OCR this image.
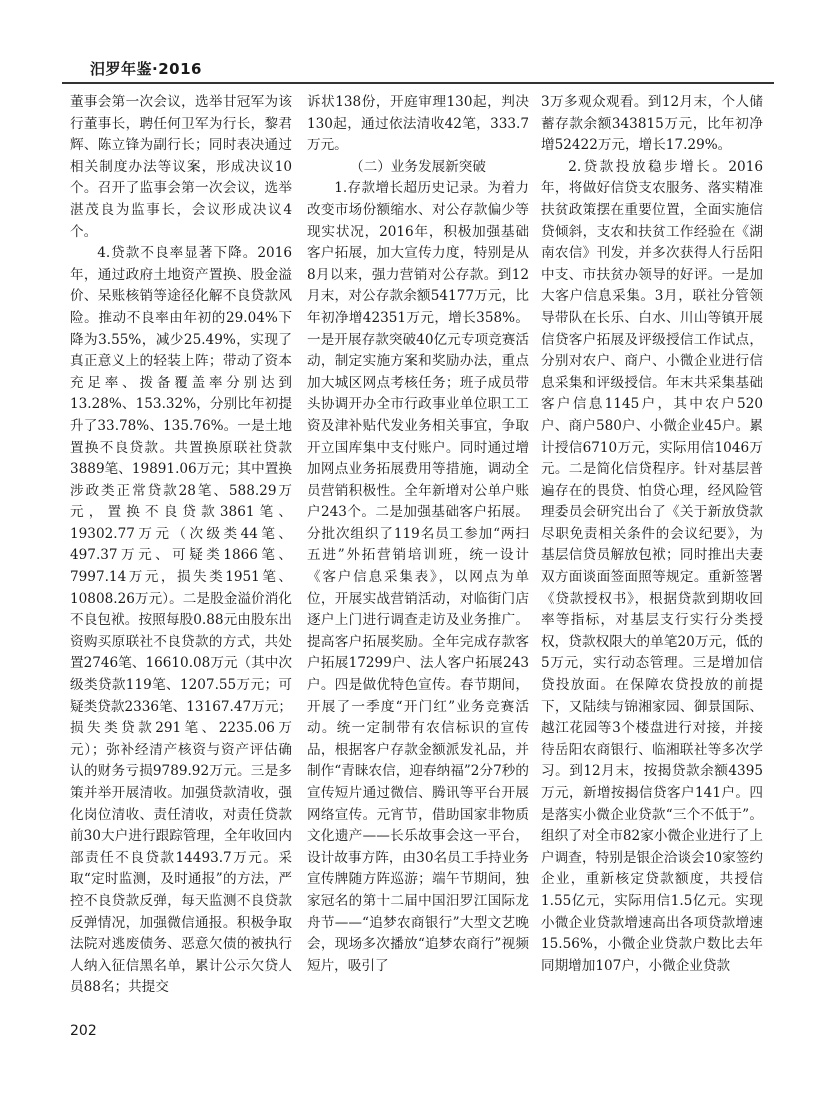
汨罗年鉴·2016

董事会第一次会议，选举甘冠军为该行董事长，聘任何卫军为行长，黎君辉、陈立锋为副行长；同时表决通过相关制度办法等议案，形成决议10个。召开了监事会第一次会议，选举湛茂良为监事长，会议形成决议4个。

4.贷款不良率显著下降。2016年，通过政府土地资产置换、股金溢价、呆账核销等途径化解不良贷款风险。推动不良率由年初的29.04%下降为3.55%，减少25.49%，实现了真正意义上的轻装上阵；带动了资本充足率、拨备覆盖率分别达到13.28%、153.32%，分别比年初提升了33.78%、135.76%。一是土地置换不良贷款。共置换原联社贷款3889笔、19891.06万元；其中置换涉政类正常贷款28笔、588.29万元，置换不良贷款3861笔、19302.77万元（次级类44笔、497.37万元、可疑类1866笔、7997.14万元，损失类1951笔、10808.26万元）。二是股金溢价消化不良包袱。按照每股0.88元由股东出资购买原联社不良贷款的方式，共处置2746笔、16610.08万元（其中次级类贷款119笔、1207.55万元；可疑类贷款2336笔、13167.47万元；损失类贷款291笔、2235.06万元）；弥补经清产核资与资产评估确认的财务亏损9789.92万元。三是多策并举开展清收。加强贷款清收，强化岗位清收、责任清收，对责任贷款前30大户进行跟踪管理，全年收回内部责任不良贷款14493.7万元。采取“定时监测，及时通报”的方法，严控不良贷款反弹，每天监测不良贷款反弹情况，加强微信通报。积极争取法院对逃废债务、恶意欠债的被执行人纳入征信黑名单，累计公示欠贷人员88名；共提交

诉状138份，开庭审理130起，判决130起，通过依法清收42笔，333.7万元。

（二）业务发展新突破

1.存款增长超历史记录。为着力改变市场份额缩水、对公存款偏少等现实状况，2016年，积极加强基础客户拓展，加大宣传力度，特别是从8月以来，强力营销对公存款。到12月末，对公存款余额54177万元，比年初净增42351万元，增长358%。一是开展存款突破40亿元专项竞赛活动，制定实施方案和奖励办法，重点加大城区网点考核任务；班子成员带头协调开办全市行政事业单位职工工资及津补贴代发业务相关事宜，争取开立国库集中支付账户。同时通过增加网点业务拓展费用等措施，调动全员营销积极性。全年新增对公单户账户243个。二是加强基础客户拓展。分批次组织了119名员工参加“两扫五进”外拓营销培训班，统一设计《客户信息采集表》，以网点为单位，开展实战营销活动，对临街门店逐户上门进行调查走访及业务推广。提高客户拓展奖励。全年完成存款客户拓展17299户、法人客户拓展243户。四是做优特色宣传。春节期间，开展了一季度“开门红”业务竞赛活动。统一定制带有农信标识的宣传品，根据客户存款金额派发礼品，并制作“青睐农信，迎春纳福”2分7秒的宣传短片通过微信、腾讯等平台开展网络宣传。元宵节，借助国家非物质文化遗产——长乐故事会这一平台，设计故事方阵，由30名员工手持业务宣传牌随方阵巡游；端午节期间，独家冠名的第十二届中国汨罗江国际龙舟节——“追梦农商银行”大型文艺晚会，现场多次播放“追梦农商行”视频短片，吸引了

3万多观众观看。到12月末，个人储蓄存款余额343815万元，比年初净增52422万元，增长17.29%。

2.贷款投放稳步增长。2016年，将做好信贷支农服务、落实精准扶贫政策摆在重要位置，全面实施信贷倾斜，支农和扶贫工作经验在《湖南农信》刊发，并多次获得人行岳阳中支、市扶贫办领导的好评。一是加大客户信息采集。3月，联社分管领导带队在长乐、白水、川山等镇开展信贷客户拓展及评级授信工作试点，分别对农户、商户、小微企业进行信息采集和评级授信。年末共采集基础客户信息1145户，其中农户520户、商户580户、小微企业45户。累计授信6710万元，实际用信1046万元。二是简化信贷程序。针对基层普遍存在的畏贷、怕贷心理，经风险管理委员会研究出台了《关于新放贷款尽职免责相关条件的会议纪要》，为基层信贷员解放包袱；同时推出夫妻双方面谈面签面照等规定。重新签署《贷款授权书》，根据贷款到期收回率等指标，对基层支行实行分类授权，贷款权限大的单笔20万元，低的5万元，实行动态管理。三是增加信贷投放面。在保障农贷投放的前提下，又陆续与锦湘家园、御景国际、越江花园等3个楼盘进行对接，并接待岳阳农商银行、临湘联社等多次学习。到12月末，按揭贷款余额4395万元，新增按揭信贷客户141户。四是落实小微企业贷款“三个不低于”。组织了对全市82家小微企业进行了上户调查，特别是银企洽谈会10家签约企业，重新核定贷款额度，共授信1.55亿元，实际用信1.5亿元。实现小微企业贷款增速高出各项贷款增速15.56%，小微企业贷款户数比去年同期增加107户，小微企业贷款

202
